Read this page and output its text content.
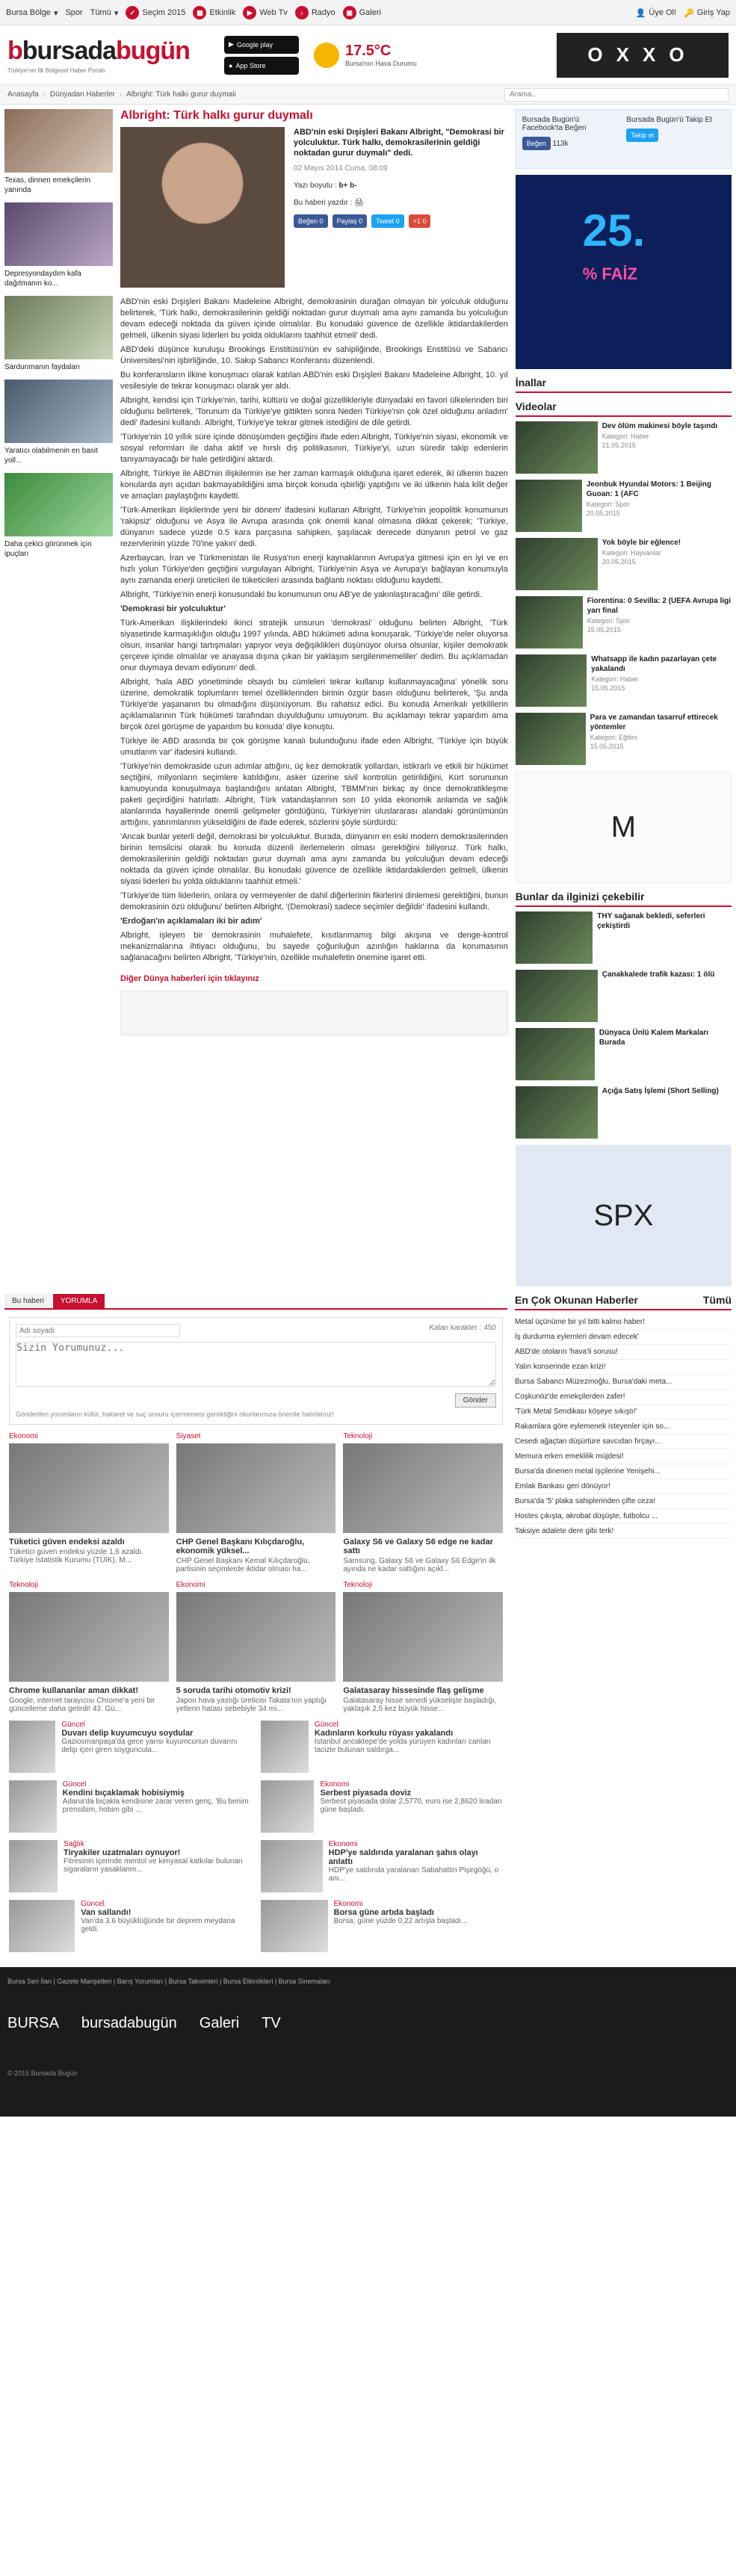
Bursa Bölge ▾ Spor Tümü ▾	✓ Seçim 2015	▦ Etkinlik	▶ Web Tv	♪ Radyo	▣ Galeri	👤 Üye Ol! 🔑 Giriş Yap
bbursadabugün
Türkiye'nin İlk Bölgesel Haber Portalı
▶ Google play
● App Store
17.5°C
Bursa'nın Hava Durumu	OXXO
Anasayfa › Dünyadan Haberler › Albright: Türk halkı gurur duymalı
Arama..
Texas, dinnen emekçilerin yanında
Depresyondaydım kafa dağıtmanın ko...
Sardunmanın faydaları
Yaratıcı olabilmenin en basit yoll...
Daha çekici görünmek için ipuçları
Albright: Türk halkı gurur duymalı
ABD'nin eski Dışişleri Bakanı Albright, "Demokrasi bir yolculuktur. Türk halkı, demokrasilerinin geldiği noktadan gurur duymalı" dedi.
02 Mayıs 2014 Cuma, 08:09
Yazı boyutu : b+ b-
Bu haberi yazdır : 🖨
Beğen
0 Paylaş
0 Tweet
0 +1
0

ABD'nin eski Dışişleri Bakanı Madeleine Albright, demokrasinin durağan olmayan bir yolculuk olduğunu belirterek, 'Türk halkı, demokrasilerinin geldiği noktadan gurur duymalı ama aynı zamanda bu yolculuğun devam edeceği noktada da güven içinde olmalılar. Bu konudaki güvence de özellikle iktidardakilerden gelmeli, ülkenin siyasi liderleri bu yolda olduklarını taahhüt etmeli' dedi.

ABD'deki düşünce kuruluşu Brookings Enstitüsü'nün ev sahipliğinde, Brookings Enstitüsü ve Sabancı Üniversitesi'nin işbirliğinde, 10. Sakıp Sabancı Konferansı düzenlendi.

Bu konferansların ilkine konuşmacı olarak katılan ABD'nin eski Dışişleri Bakanı Madeleine Albright, 10. yıl vesilesiyle de tekrar konuşmacı olarak yer aldı.

Albright, kendisi için Türkiye'nin, tarihi, kültürü ve doğal güzellikleriyle dünyadaki en favori ülkelerinden biri olduğunu belirterek, 'Torunum da Türkiye'ye gittikten sonra Neden Türkiye'nin çok özel olduğunu anladım' dedi' ifadesini kullandı. Albright, Türkiye'ye tekrar gitmek istediğini de dile getirdi.

'Türkiye'nin 10 yıllık süre içinde dönüşümden geçtiğini ifade eden Albright, Türkiye'nin siyasi, ekonomik ve sosyal reformları ile daha aktif ve hırslı dış politikasının, Türkiye'yi, uzun süredir takip edenlerin tanıyamayacağı bir hale getirdiğini aktardı.

Albright, Türkiye ile ABD'nin ilişkilerinin ise her zaman karmaşık olduğuna işaret ederek, iki ülkenin bazen konularda ayrı açıdan bakmayabildiğini ama birçok konuda işbirliği yaptığını ve iki ülkenin hala kilit değer ve amaçları paylaştığını kaydetti.

'Türk-Amerikan ilişkilerinde yeni bir dönem' ifadesini kullanan Albright, Türkiye'nin jeopolitik konumunun 'rakipsiz' olduğunu ve Asya ile Avrupa arasında çok önemli kanal olmasına dikkat çekerek; 'Türkiye, dünyanın sadece yüzde 0.5 kara parçasına sahipken, şaşılacak derecede dünyanın petrol ve gaz rezervlerinin yüzde 70'ine yakın' dedi.

Azerbaycan, İran ve Türkmenistan ile Rusya'nın enerji kaynaklarının Avrupa'ya gitmesi için en iyi ve en hızlı yolun Türkiye'den geçtiğini vurgulayan Albright, Türkiye'nin Asya ve Avrupa'yı bağlayan konumuyla aynı zamanda enerji üreticileri ile tüketicileri arasında bağlantı noktası olduğunu kaydetti.

Albright, 'Türkiye'nin enerji konusundaki bu konumunun onu AB'ye de yakınlaştıracağını' dile getirdi.

'Demokrasi bir yolculuktur'

Türk-Amerikan ilişkilerindeki ikinci stratejik unsurun 'demokrasi' olduğunu belirten Albright, 'Türk siyasetinde karmaşıklığın olduğu 1997 yılında, ABD hükümeti adına konuşarak, 'Türkiye'de neler oluyorsa olsun, insanlar hangi tartışmaları yapıyor veya değişiklikleri düşünüyor olursa olsunlar, kişiler demokratik çerçeve içinde olmalılar ve anayasa dışına çıkan bir yaklaşım sergilenmemeliler' dedim. Bu açıklamadan onur duymaya devam ediyorum' dedi.

Albright, 'hala ABD yönetiminde olsaydı bu cümleleri tekrar kullanıp kullanmayacağına' yönelik soru üzerine, demokratik toplumların temel özelliklerinden birinin özgür basın olduğunu belirterek, 'Şu anda Türkiye'de yaşananın bu olmadığını düşünüyorum. Bu rahatsız edici. Bu konuda Amerikalı yetkililerin açıklamalarının Türk hükümeti tarafından duyulduğunu umuyorum. Bu açıklamayı tekrar yapardım ama birçok özel görüşme de yapardım bu konuda' diye konuştu.

Türkiye ile ABD arasında bir çok görüşme kanalı bulunduğunu ifade eden Albright, 'Türkiye için büyük umutlarım var' ifadesini kullandı.

'Türkiye'nin demokraside uzun adımlar attığını, üç kez demokratik yollardan, istikrarlı ve etkili bir hükümet seçtiğini, milyonların seçimlere katıldığını, asker üzerine sivil kontrolün getirildiğini, Kürt sorununun kamuoyunda konuşulmaya başlandığını anlatan Albright, TBMM'nin birkaç ay önce demokratikleşme paketi geçirdiğini hatırlattı. Albright, Türk vatandaşlarının son 10 yılda ekonomik anlamda ve sağlık alanlarında hayallerinde önemli gelişmeler gördüğünü, Türkiye'nin uluslararası alandaki görünümünün arttığını, yatırımlarının yükseldiğini de ifade ederek, sözlerini şöyle sürdürdü:

'Ancak bunlar yeterli değil, demokrasi bir yolculuktur. Burada, dünyanın en eski modern demokrasilerinden birinin temsilcisi olarak bu konuda düzenli ilerlemelerin olması gerektiğini biliyoruz. Türk halkı, demokrasilerinin geldiği noktadan gurur duymalı ama aynı zamanda bu yolculuğun devam edeceği noktada da güven içinde olmalılar. Bu konudaki güvence de özellikle iktidardakilerden gelmeli, ülkenin siyasi liderleri bu yolda olduklarını taahhüt etmeli.'

'Türkiye'de tüm liderlerin, onlara oy vermeyenler de dahil diğerlerinin fikirlerini dinlemesi gerektiğini, bunun demokrasinin özü olduğunu' belirten Albright, '(Demokrasi) sadece seçimler değildir' ifadesini kullandı.

'Erdoğan'ın açıklamaları iki bir adım'

Albright, işleyen bir demokrasinin muhalefete, kısıtlanmamış bilgi akışına ve denge-kontrol mekanizmalarına ihtiyacı olduğunu, bu sayede çoğunluğun azınlığın haklarına da korumasının sağlanacağını belirten Albright, 'Türkiye'nin, özellikle muhalefetin önemine işaret etti.

Diğer Dünya haberleri için tıklayınız
Bursada Bugün'ü Facebook'ta Beğen
Beğen 113k
Bursada Bugün'ü Takip Et
Takip et
25.
% FAİZ
İnallar
Videolar
Dev ölüm makinesi böyle taşındı
Kategori: Haber
21.05.2015
Jeonbuk Hyundai Motors: 1 Beijing Guoan: 1 (AFC
Kategori: Spor
20.05.2015
Yok böyle bir eğlence!
Kategori: Hayvanlar
20.05.2015
Fiorentina: 0 Sevilla: 2 (UEFA Avrupa ligi yarı final
Kategori: Spor
15.05.2015
Whatsapp ile kadın pazarlayan çete yakalandı
Kategori: Haber
15.05.2015
Para ve zamandan tasarruf ettirecek yöntemler
Kategori: Eğitim
15.05.2015
M
Bunlar da ilginizi çekebilir
THY sağanak bekledi, seferleri çekiştirdi
Çanakkalede trafik kazası: 1 ölü
Dünyaca Ünlü Kalem Markaları Burada
Açığa Satış İşlemi (Short Selling)
SPX
Bu haberi	YORUMLA
Adı soyadı
Kalan karakter : 450
Sizin Yorumunuz...
Gönder
Gönderilen yorumların küfür, hakaret ve suç unsuru içermemesi gerektiğini okurlarımıza önemle hatırlatırız!
Ekonomi
Tüketici güven endeksi azaldı
Tüketici güven endeksi yüzde 1,6 azaldı. Türkiye İstatistik Kurumu (TÜİK), M...
Siyaset
CHP Genel Başkanı Kılıçdaroğlu, ekonomik yüksel...
CHP Genel Başkanı Kemal Kılıçdaroğlu, partisinin seçimlerde iktidar olması ha...
Teknoloji
Galaxy S6 ve Galaxy S6 edge ne kadar sattı
Samsung, Galaxy S6 ve Galaxy S6 Edge'in ilk ayında ne kadar sattığını açıkl...
Teknoloji
Chrome kullananlar aman dikkat!
Google, internet tarayıcısı Chrome'a yeni bir güncelleme daha getirdi! 43. Gü...
Ekonomi
5 soruda tarihi otomotiv krizi!
Japon hava yastığı üreticisi Takata'nın yaptığı yetlerin hatası sebebiyle 34 mi...
Teknoloji
Galatasaray hissesinde flaş gelişme
Galatasaray hisse senedi yükselişte başladığı, yaklaşık 2,5 kez büyük hisse...
Güncel
Duvarı delip kuyumcuyu soydular
Gaziosmanpaşa'da gece yarısı kuyumcunun duvarını delip içeri giren soyguncula...
Güncel
Kadınların korkulu rüyası yakalandı
İstanbul ancaktepe'de yolda yürüyen kadınları canları tacizle bulunan saldırga...
Güncel
Kendini bıçaklamak hobisiymiş
Adana'da bıçakla kendisine zarar veren genç, 'Bu benim prensibim, hobim gibi ...
Ekonomi
Serbest piyasada doviz
Serbest piyasada dolar 2,5770, euro ise 2,8620 liradan güne başladı.
Sağlık
Tiryakiler uzatmaları oynuyor!
Fitresinin içerinde mentol ve kimyasal katkılar bulunan sigaraların yasaklanm...
Ekonomi
HDP'ye saldırıda yaralanan şahıs olayı anlattı
HDP'ye saldırıda yaralanan Sabahattin Pişirgöğü, o anı...
Güncel
Van sallandı!
Van'da 3.6 büyüklüğünde bir deprem meydana geldi.
Ekonomi
Borsa güne artıda başladı
Borsa, güne yüzde 0,22 artışla başladı...
En Çok Okunan Haberler	Tümü
Metal üçünüme bir yıl bitti kalmo haber!
İş durdurma eylemleri devam edecek'
ABD'de otoların 'hava'li sorusu!
Yalın konserinde ezan krizi!
Bursa Sabancı Müzezmoğlu, Bursa'daki meta...
Coşkunöz'de emekçilerden zafer!
'Türk Metal Sendikası köşeye sıkıştı!'
Rakamlara göre eylemenek isteyenler için so...
Cesedi ağaçtan düşürtüre savcıdan fırçayı...
Memura erken emeklilik müjdesi!
Bursa'da dinenen metal işçilerine Yenişehi...
Emlak Bankası geri dönüyor!
Bursa'da '5' plaka sahiplerinden çifte ceza!
Hostes çıkışta, akrobat düşüşte, futbolcu ...
Taksiye adalete dere gibi terk!
Bursa Seri İlan | Gazete Manşetleri | Barış Yorumları | Bursa Takvimleri | Bursa Etkinlikleri | Bursa Sinemaları
BURSA bursadabugün Galeri TV
© 2015 Bursada Bugün
